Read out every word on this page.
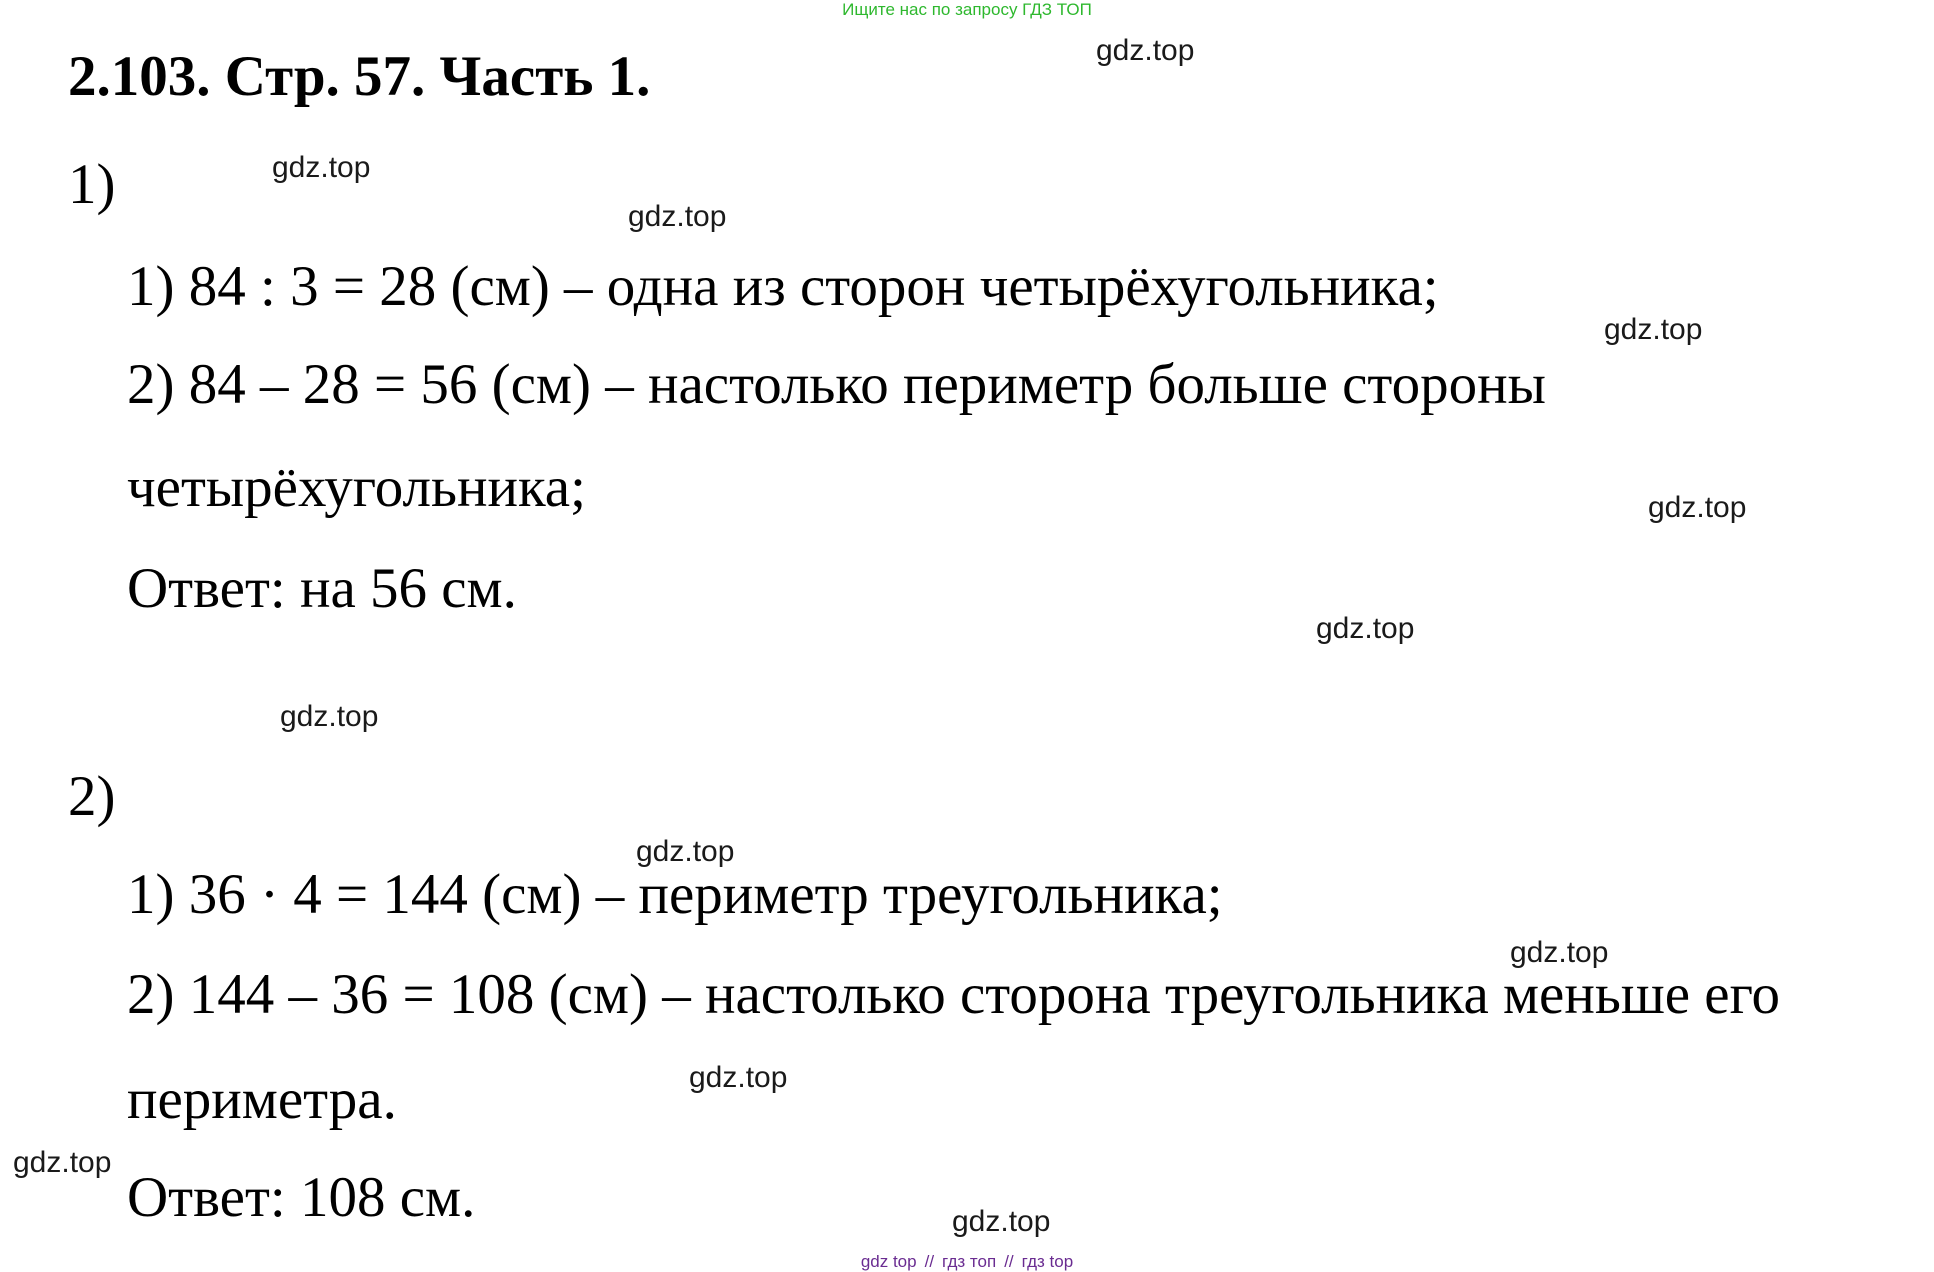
Ищите нас по запросу ГДЗ ТОП
2.103. Стр. 57. Часть 1.
1)
1) 84 : 3 = 28 (см) – одна из сторон четырёхугольника;
2) 84 – 28 = 56 (см) – настолько периметр больше стороны
четырёхугольника;
Ответ: на 56 см.
2)
1) 36 · 4 = 144 (см) – периметр треугольника;
2) 144 – 36 = 108 (см) – настолько сторона треугольника меньше его
периметра.
Ответ: 108 см.
gdz.top
gdz.top
gdz.top
gdz.top
gdz.top
gdz.top
gdz.top
gdz.top
gdz.top
gdz.top
gdz.top
gdz.top
gdz top // гдз топ // гдз top
